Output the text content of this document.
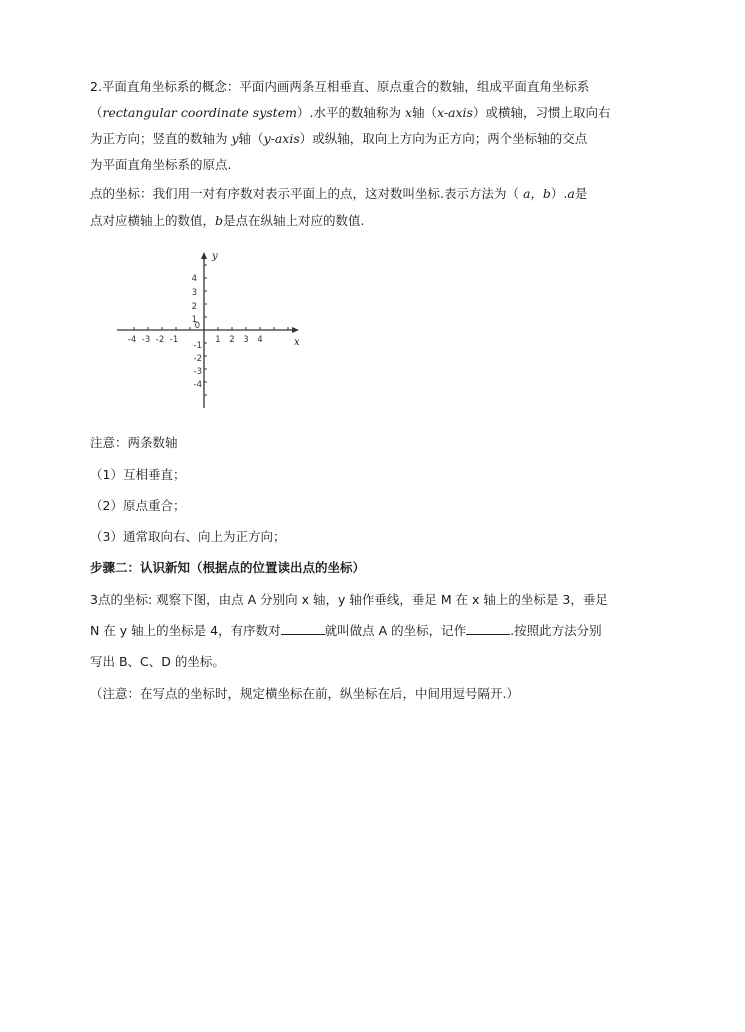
2.平面直角坐标系的概念：平面内画两条互相垂直、原点重合的数轴，组成平面直角坐标系
（rectangular coordinate system）.水平的数轴称为 x轴（x-axis）或横轴，习惯上取向右
为正方向；竖直的数轴为 y轴（y-axis）或纵轴，取向上方向为正方向；两个坐标轴的交点
为平面直角坐标系的原点.
点的坐标：我们用一对有序数对表示平面上的点，这对数叫坐标.表示方法为（ a，b）.a是
点对应横轴上的数值，b是点在纵轴上对应的数值.
-4 -3 -2 -1	1 2 3 4
4
3
2
1
-1
-2
-3
-4
0
x
y
注意：两条数轴
（1）互相垂直；
（2）原点重合；
（3）通常取向右、向上为正方向；
步骤二：认识新知（根据点的位置读出点的坐标）
3点的坐标: 观察下图，由点 A 分别向 x 轴，y 轴作垂线，垂足 M 在 x 轴上的坐标是 3，垂足
N 在 y 轴上的坐标是 4，有序数对	就叫做点 A 的坐标，记作	.按照此方法分别
写出 B、C、D 的坐标。
（注意：在写点的坐标时，规定横坐标在前，纵坐标在后，中间用逗号隔开.）
